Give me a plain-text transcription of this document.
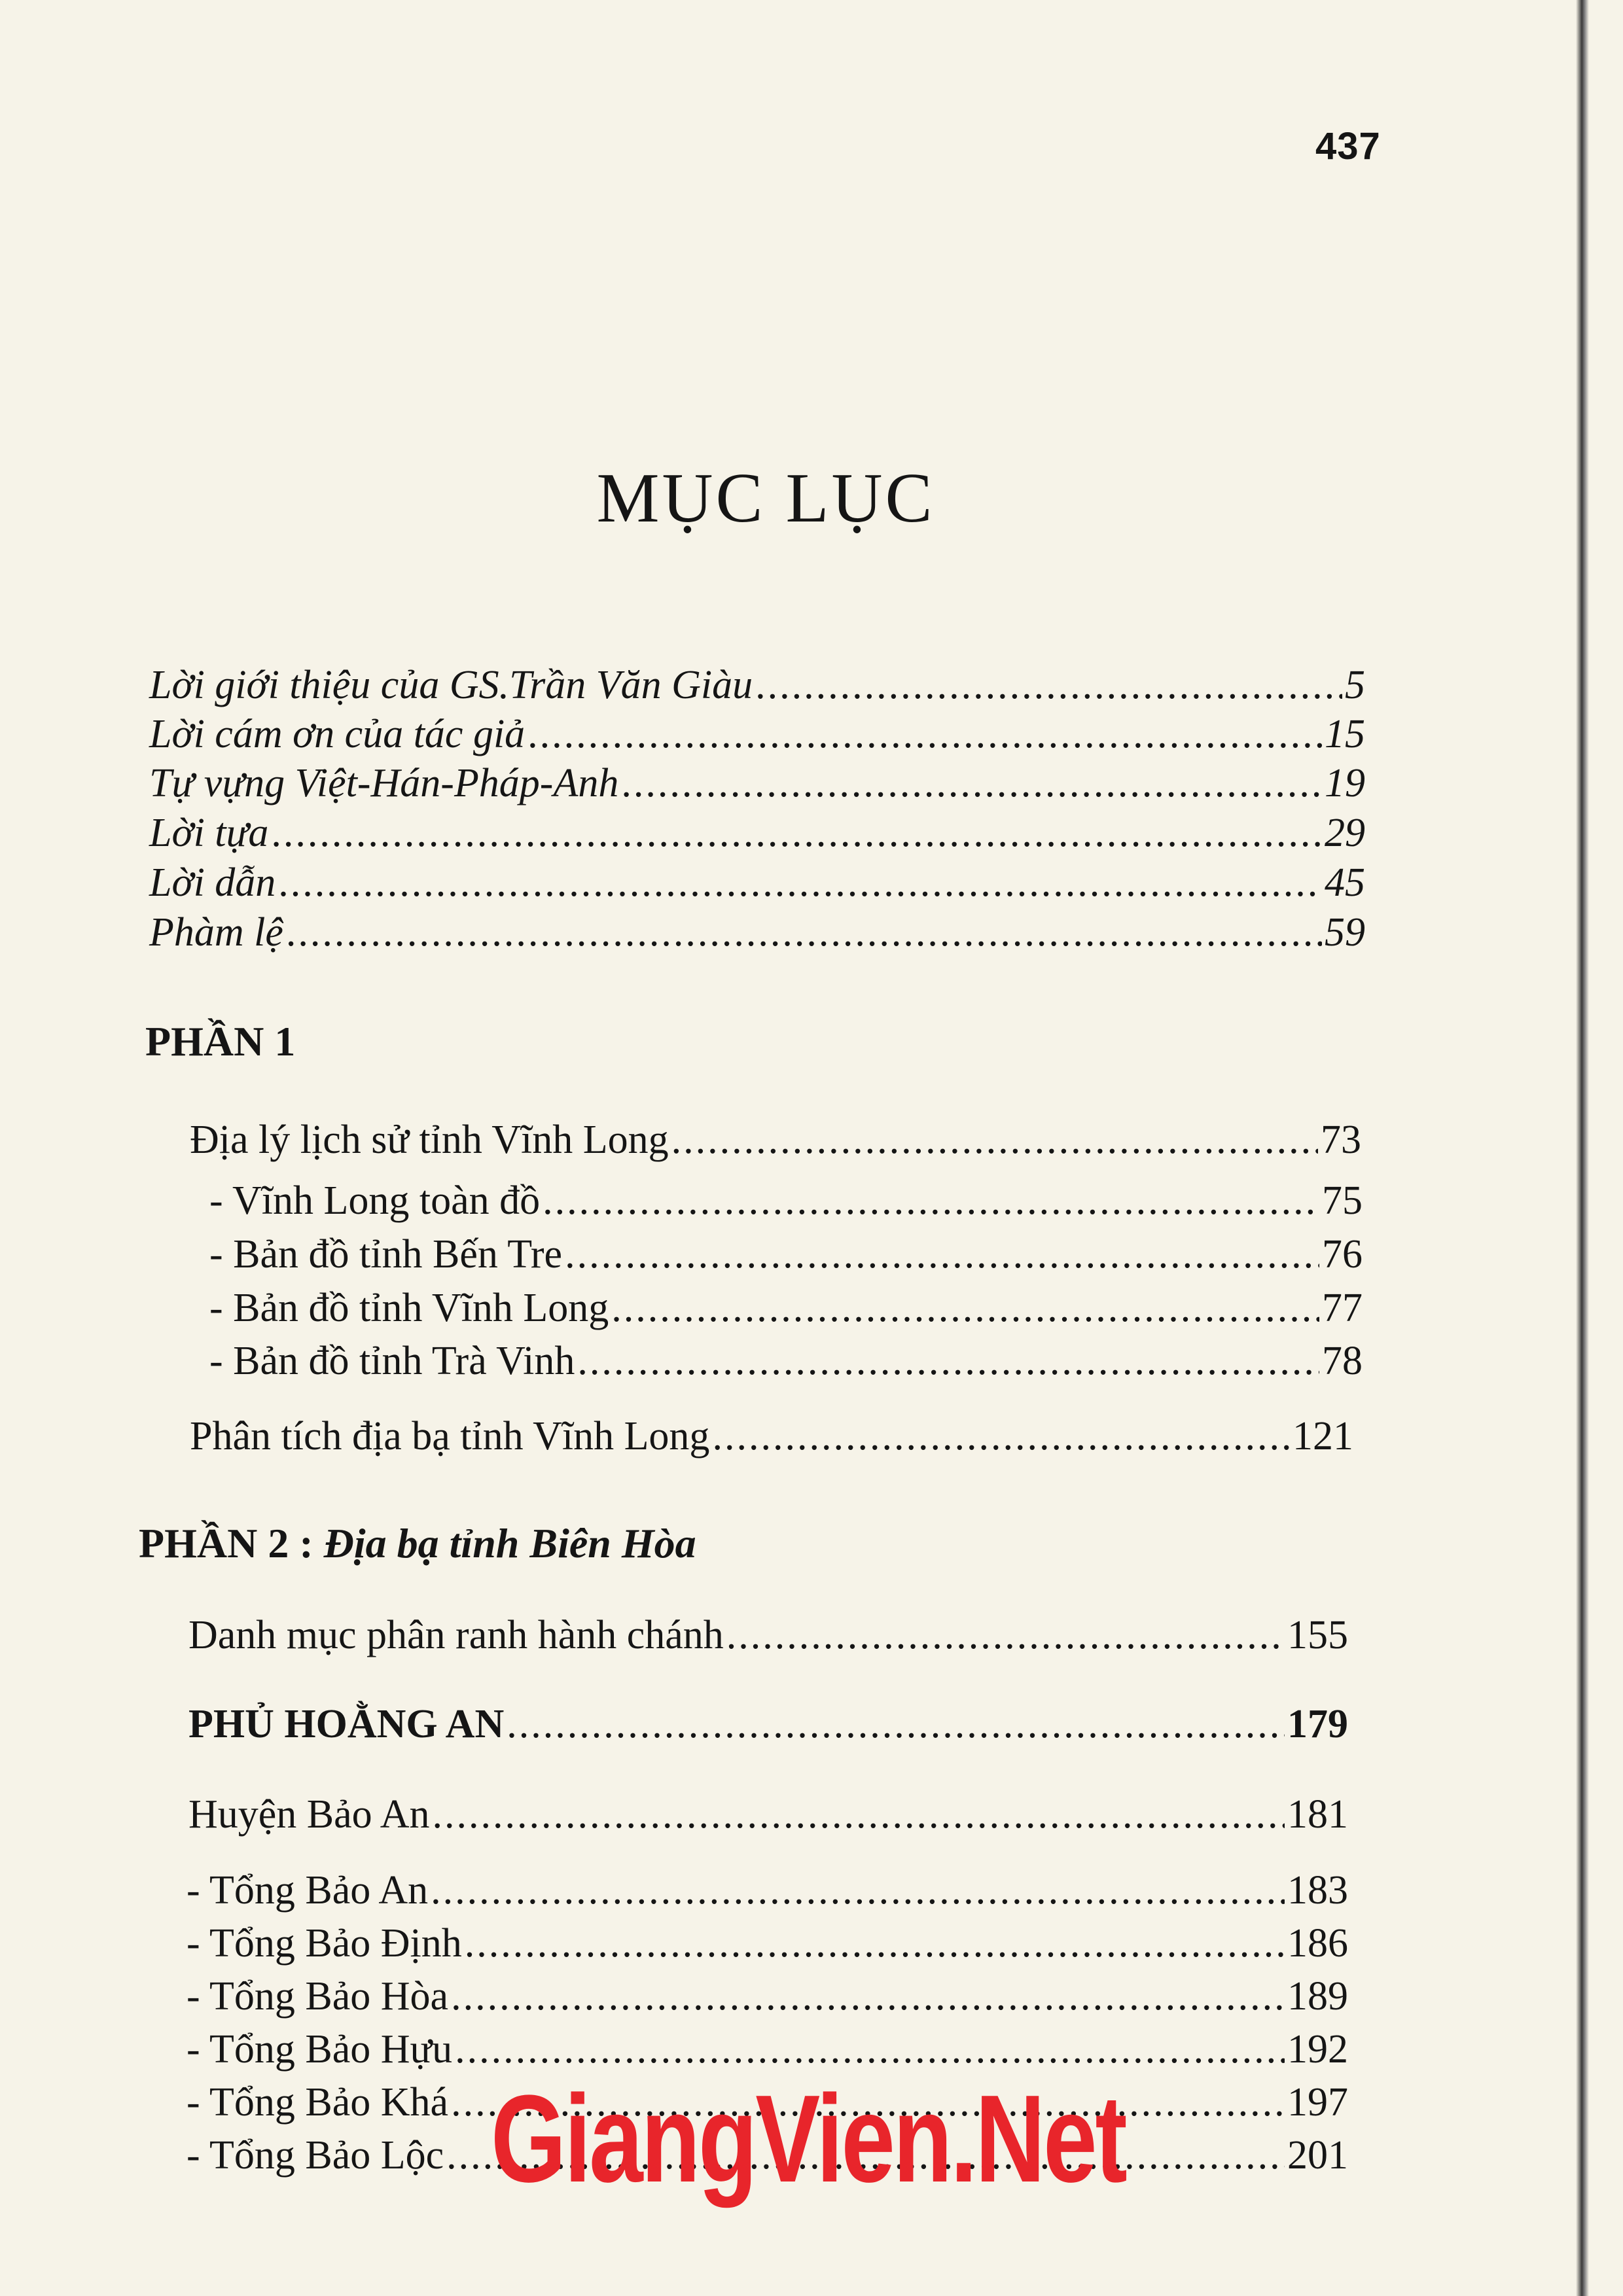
437
MỤC LỤC
Lời giới thiệu của GS.Trần Văn Giàu .....	5
Lời cám ơn của tác giả .....	15
Tự vựng Việt-Hán-Pháp-Anh .....	19
Lời tựa .....	29
Lời dẫn .....	45
Phàm lệ .....	59
PHẦN 1
Địa lý lịch sử tỉnh Vĩnh Long .....	73
- Vĩnh Long toàn đồ .....	75
- Bản đồ tỉnh Bến Tre .....	76
- Bản đồ tỉnh Vĩnh Long .....	77
- Bản đồ tỉnh Trà Vinh .....	78
Phân tích địa bạ tỉnh Vĩnh Long .....	121
PHẦN 2 : Địa bạ tỉnh Biên Hòa
Danh mục phân ranh hành chánh .....	155
PHỦ HOẰNG AN .....	179
Huyện Bảo An .....	181
- Tổng Bảo An .....	183
- Tổng Bảo Định .....	186
- Tổng Bảo Hòa .....	189
- Tổng Bảo Hựu .....	192
- Tổng Bảo Khá .....	197
- Tổng Bảo Lộc .....	201
GiangVien.Net
